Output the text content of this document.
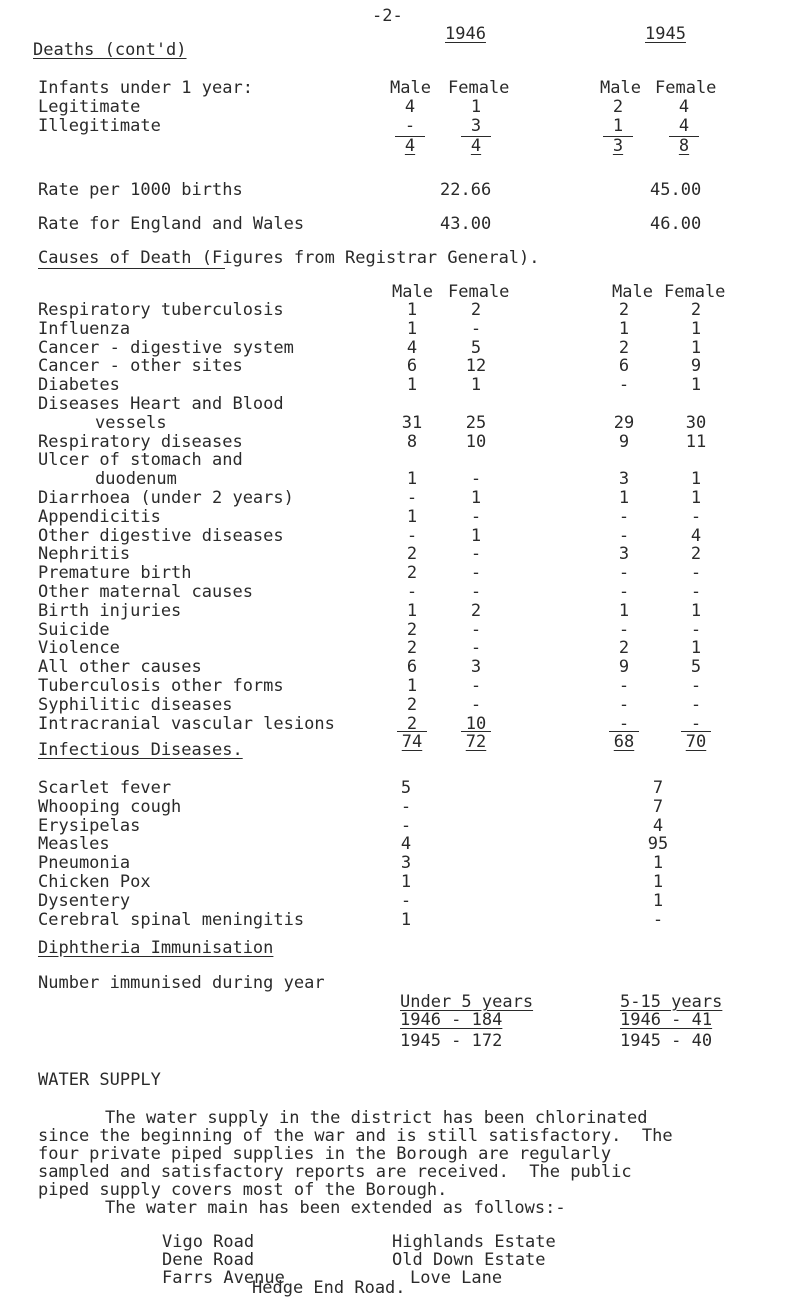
-2-
Deaths (cont'd)
1946	1945
Infants under 1 year:	Male Female	Male Female
Legitimate	4	1	2	4
Illegitimate	-	3	1	4
4	4	3	8
Rate per 1000 births	22.66	45.00
Rate for England and Wales	43.00	46.00
Causes of Death (Figures from Registrar General).
Male Female	Male Female
Respiratory tuberculosis	1	2	2	2
Influenza	1	-	1	1
Cancer - digestive system	4	5	2	1
Cancer - other sites	6	12	6	9
Diabetes	1	1	-	1
Diseases Heart and Blood
vessels	31	25	29	30
Respiratory diseases	8	10	9	11
Ulcer of stomach and
duodenum	1	-	3	1
Diarrhoea (under 2 years)	-	1	1	1
Appendicitis	1	-	-	-
Other digestive diseases	-	1	-	4
Nephritis	2	-	3	2
Premature birth	2	-	-	-
Other maternal causes	-	-	-	-
Birth injuries	1	2	1	1
Suicide	2	-	-	-
Violence	2	-	2	1
All other causes	6	3	9	5
Tuberculosis other forms	1	-	-	-
Syphilitic diseases	2	-	-	-
Intracranial vascular lesions	2	10	-	-
74	72	68	70
Infectious Diseases.
Scarlet fever	5	7
Whooping cough	-	7
Erysipelas	-	4
Measles	4	95
Pneumonia	3	1
Chicken Pox	1	1
Dysentery	-	1
Cerebral spinal meningitis	1	-
Diphtheria Immunisation
Number immunised during year
Under 5 years	5-15 years
1946 - 184	1946 - 41
1945 - 172	1945 - 40
WATER SUPPLY
The water supply in the district has been chlorinated
since the beginning of the war and is still satisfactory.  The
four private piped supplies in the Borough are regularly
sampled and satisfactory reports are received.  The public
piped supply covers most of the Borough.
The water main has been extended as follows:-
Vigo Road
Dene Road
Farrs Avenue
Highlands Estate
Old Down Estate
Love Lane
Hedge End Road.
